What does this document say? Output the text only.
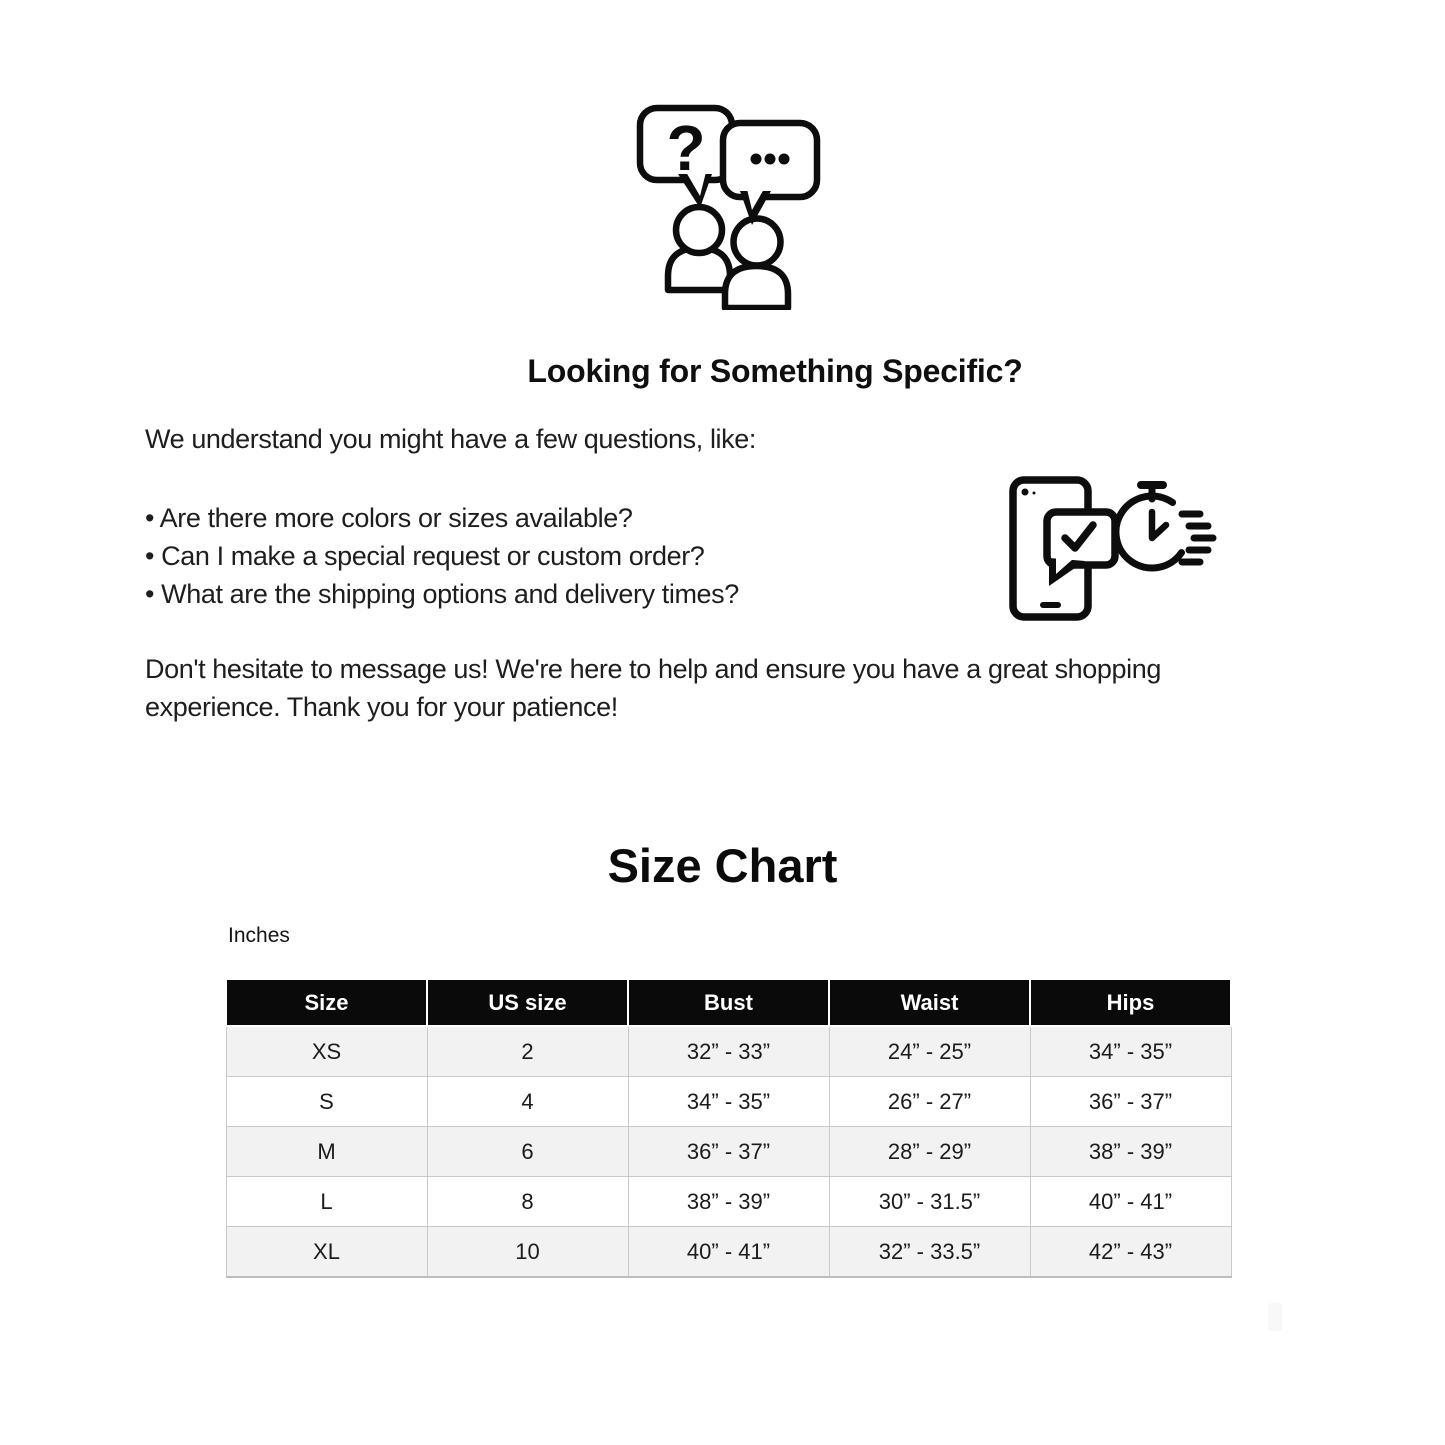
?
Looking for Something Specific?
We understand you might have a few questions, like:
• Are there more colors or sizes available?
• Can I make a special request or custom order?
• What are the shipping options and delivery times?
Don't hesitate to message us! We're here to help and ensure you have a great shopping
experience. Thank you for your patience!
Size Chart
Inches
Size	US size	Bust	Waist	Hips
XS	2	32” - 33”	24” - 25”	34” - 35”
S	4	34” - 35”	26” - 27”	36” - 37”
M	6	36” - 37”	28” - 29”	38” - 39”
L	8	38” - 39”	30” - 31.5”	40” - 41”
XL	10	40” - 41”	32” - 33.5”	42” - 43”
